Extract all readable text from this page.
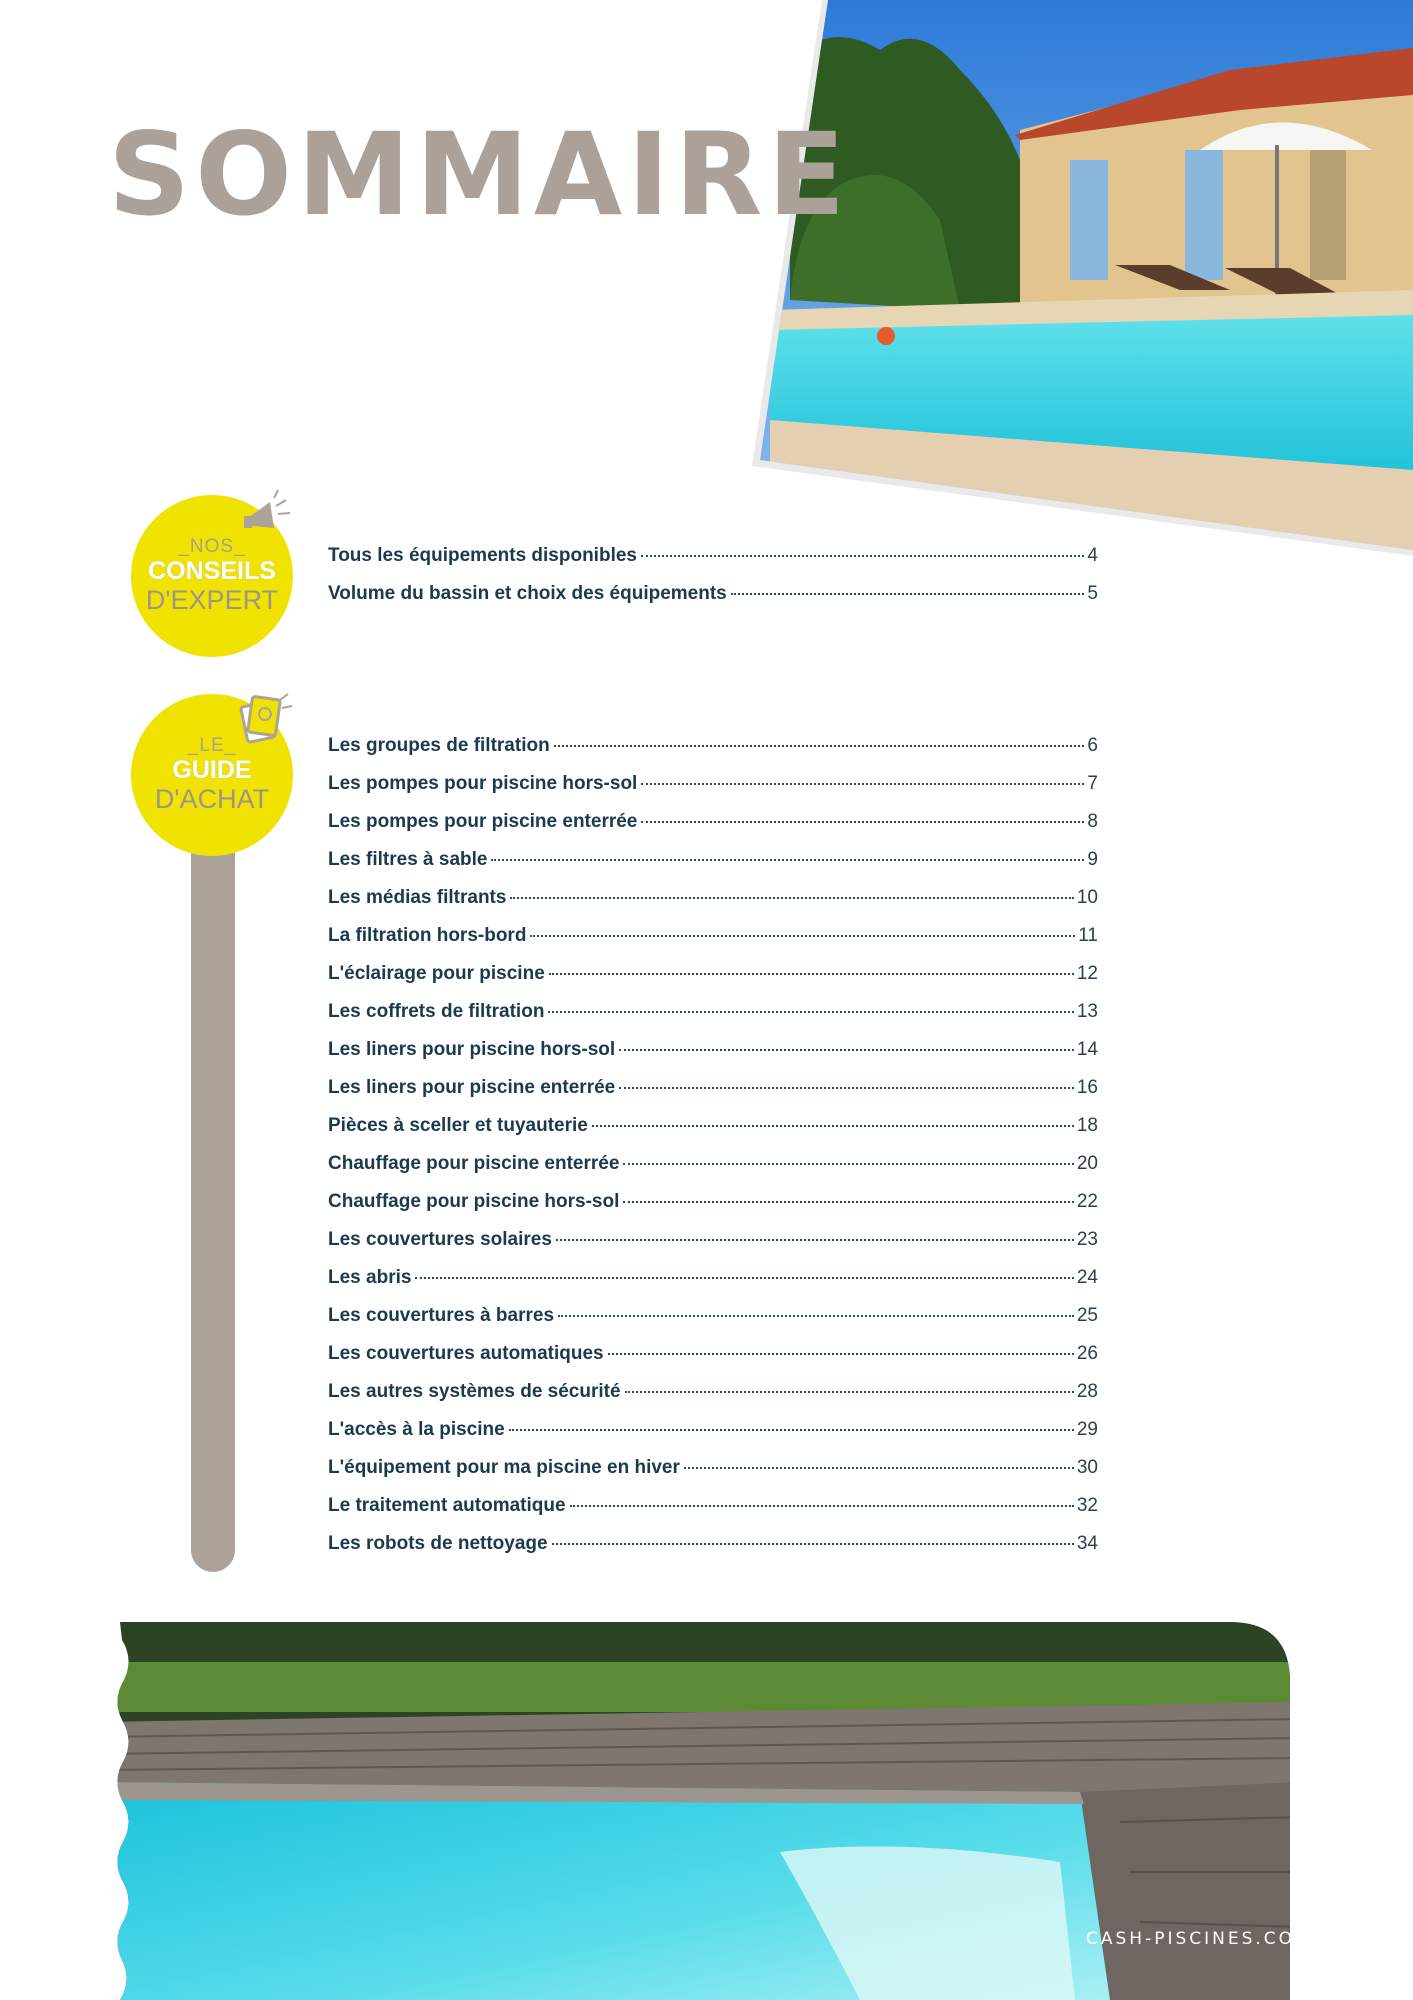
SOMMAIRE
_NOS_
CONSEILS
D'EXPERT
Tous les équipements disponibles	4
Volume du bassin et choix des équipements	5
_LE_
GUIDE
D'ACHAT
Les groupes de filtration	6
Les pompes pour piscine hors-sol	7
Les pompes pour piscine enterrée	8
Les filtres à sable	9
Les médias filtrants	10
La filtration hors-bord	11
L'éclairage pour piscine	12
Les coffrets de filtration	13
Les liners pour piscine hors-sol	14
Les liners pour piscine enterrée	16
Pièces à sceller et tuyauterie	18
Chauffage pour piscine enterrée	20
Chauffage pour piscine hors-sol	22
Les couvertures solaires	23
Les abris	24
Les couvertures à barres	25
Les couvertures automatiques	26
Les autres systèmes de sécurité	28
L'accès à la piscine	29
L'équipement pour ma piscine en hiver	30
Le traitement automatique	32
Les robots de nettoyage	34
CASH-PISCINES.COM
3
